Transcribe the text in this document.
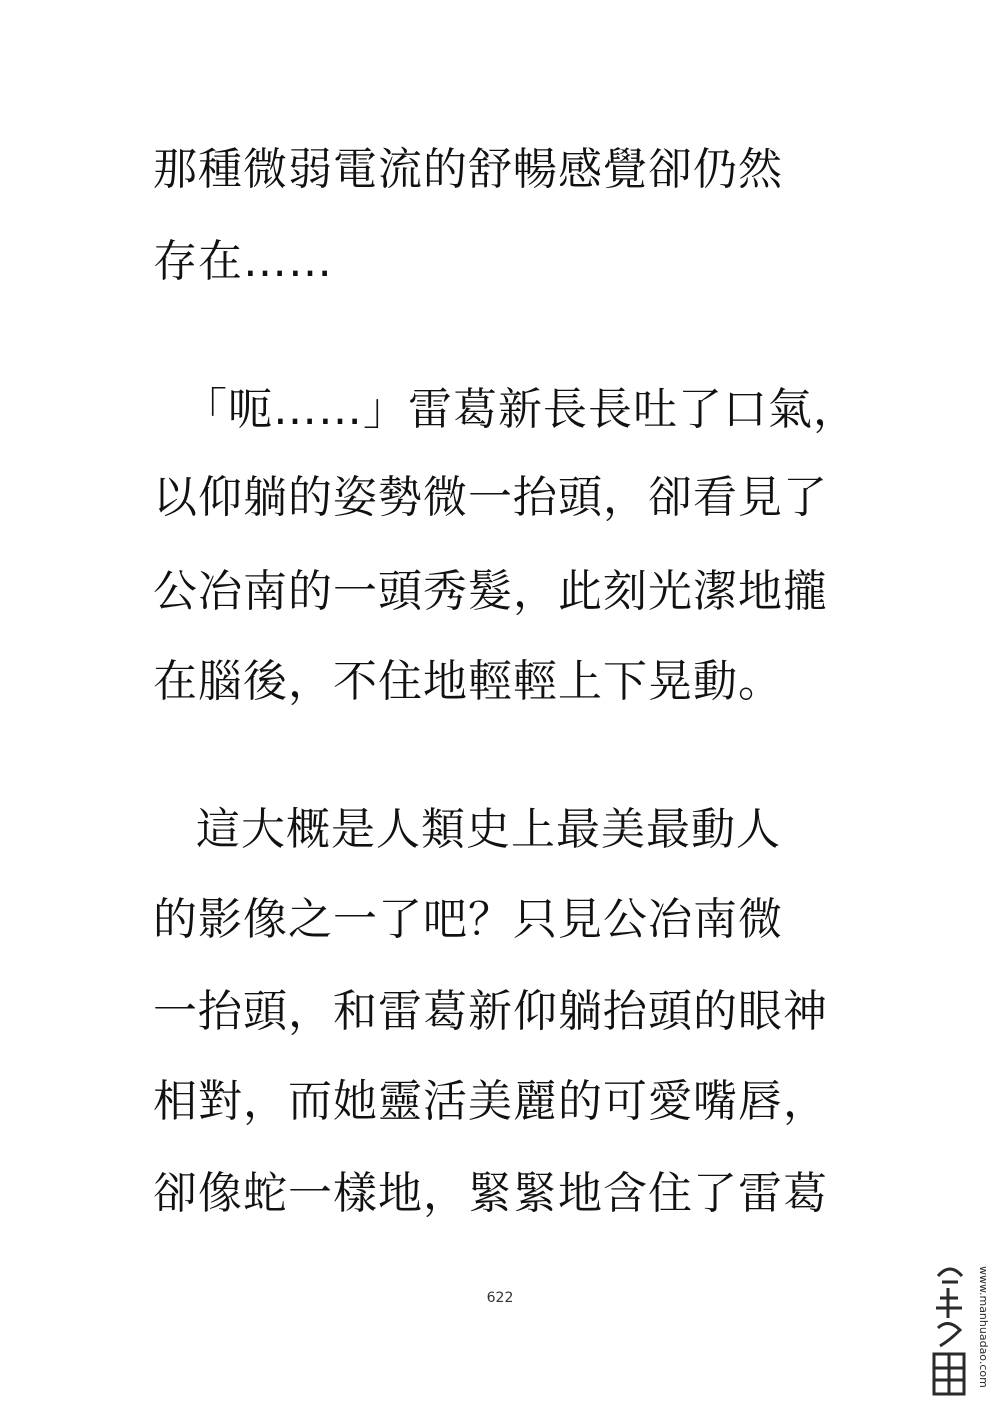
那種微弱電流的舒暢感覺卻仍然
存在……
「呃……」雷葛新長長吐了口氣，
以仰躺的姿勢微一抬頭，卻看見了
公冶南的一頭秀髮，此刻光潔地攏
在腦後，不住地輕輕上下晃動。
這大概是人類史上最美最動人
的影像之一了吧？只見公冶南微
一抬頭，和雷葛新仰躺抬頭的眼神
相對，而她靈活美麗的可愛嘴唇，
卻像蛇一樣地，緊緊地含住了雷葛
622	www.manhuadao.com
